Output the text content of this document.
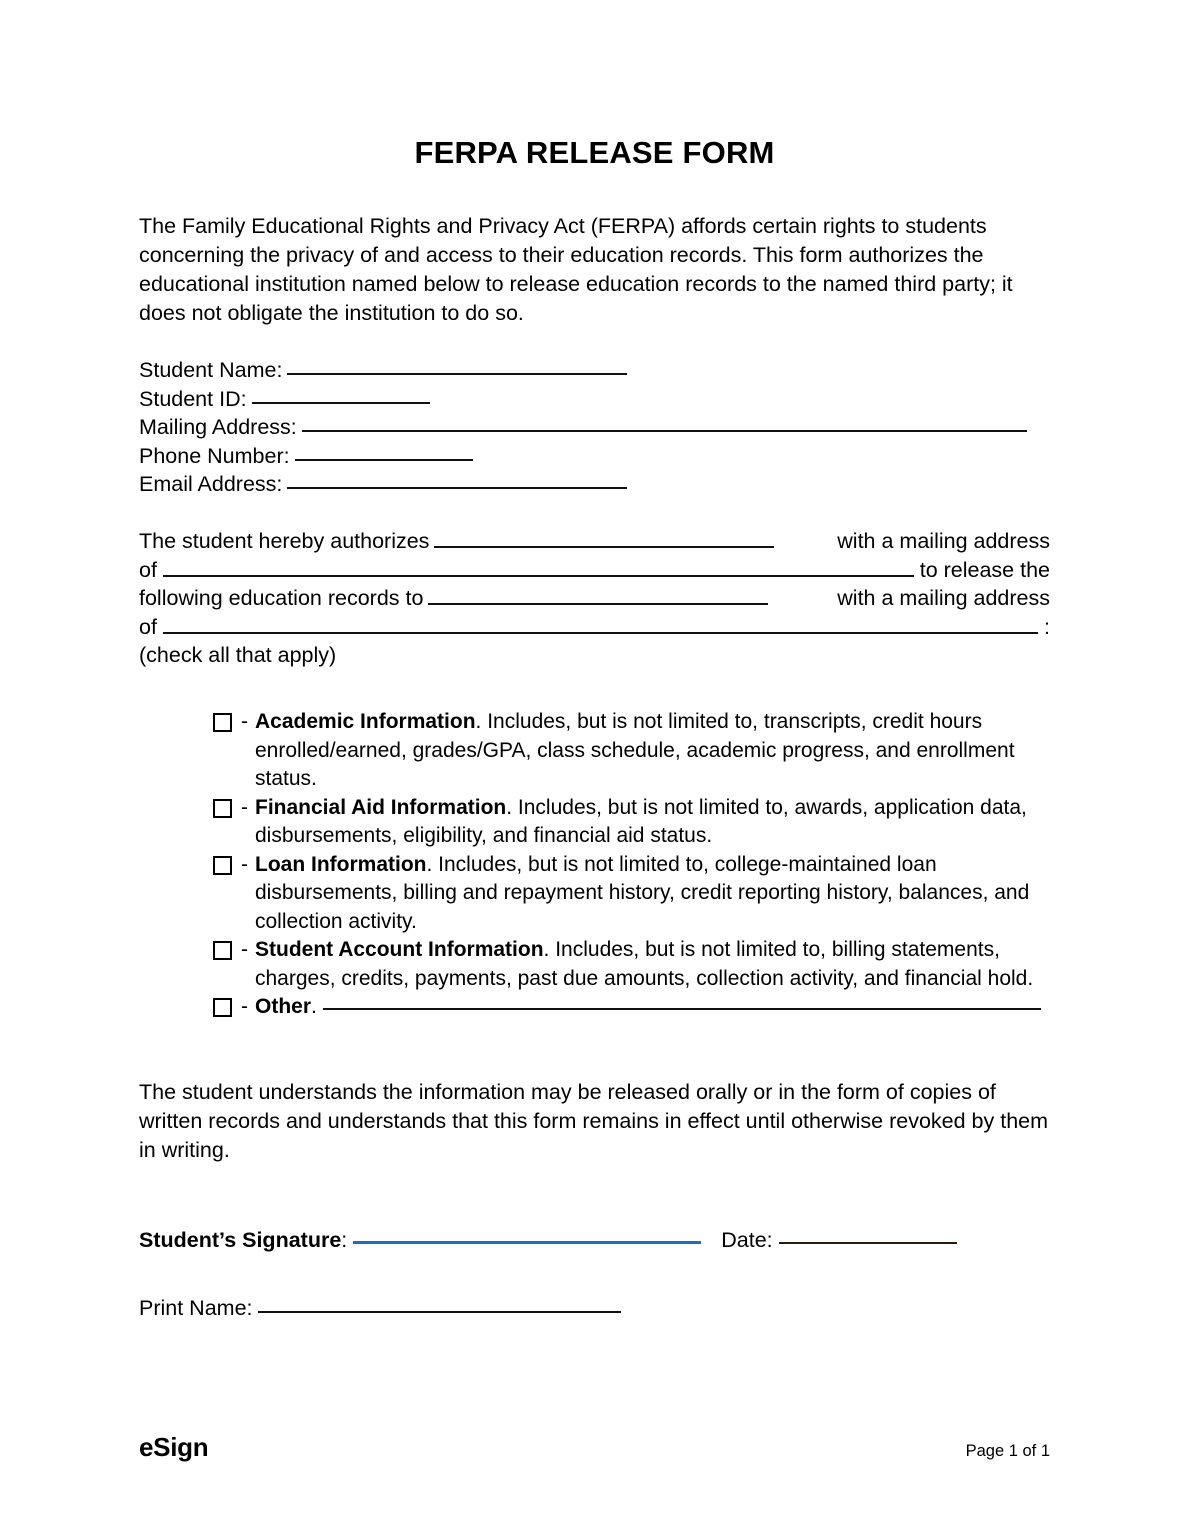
FERPA RELEASE FORM

The Family Educational Rights and Privacy Act (FERPA) affords certain rights to students concerning the privacy of and access to their education records. This form authorizes the educational institution named below to release education records to the named third party; it does not obligate the institution to do so.

Student Name:
Student ID:
Mailing Address:
Phone Number:
Email Address:
The student hereby authorizes	with a mailing address
of	to release the
following education records to	with a mailing address
of	:
(check all that apply)
- Academic Information. Includes, but is not limited to, transcripts, credit hours enrolled/earned, grades/GPA, class schedule, academic progress, and enrollment status.
- Financial Aid Information. Includes, but is not limited to, awards, application data, disbursements, eligibility, and financial aid status.
- Loan Information. Includes, but is not limited to, college-maintained loan disbursements, billing and repayment history, credit reporting history, balances, and collection activity.
- Student Account Information. Includes, but is not limited to, billing statements, charges, credits, payments, past due amounts, collection activity, and financial hold.
- Other.

The student understands the information may be released orally or in the form of copies of written records and understands that this form remains in effect until otherwise revoked by them in writing.

Student’s Signature:	Date:
Print Name:
eSign	Page 1 of 1
